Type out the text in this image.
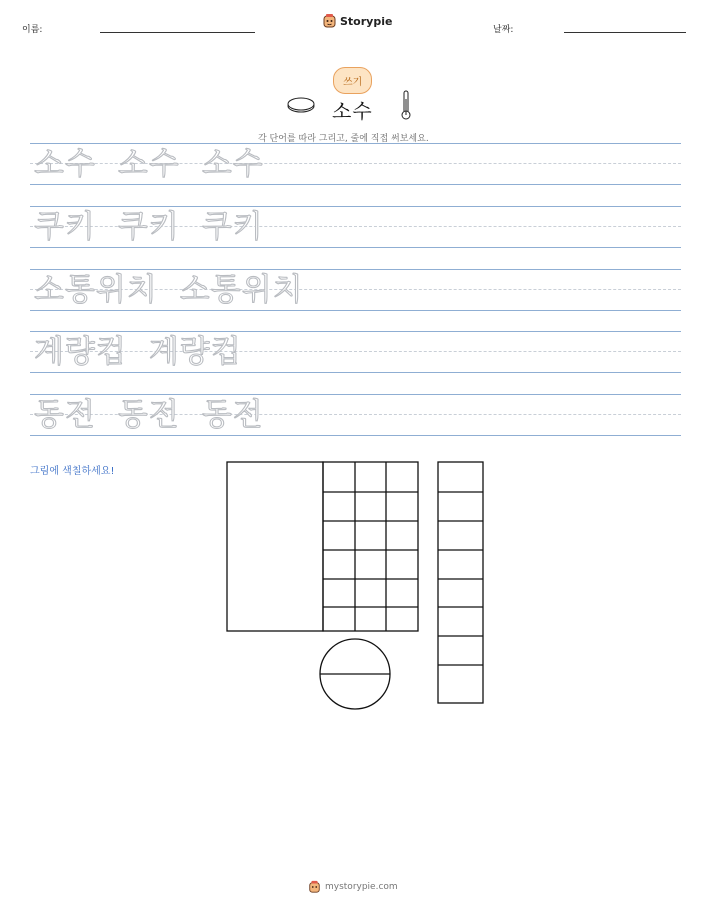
이름:
Storypie
날짜:
쓰기
소수
각 단어를 따라 그리고, 줄에 직접 써보세요.
소수 소수 소수
쿠키 쿠키 쿠키
소통위치 소통위치
계량컵 계량컵
동전 동전 동전
그림에 색칠하세요!
mystorypie.com
